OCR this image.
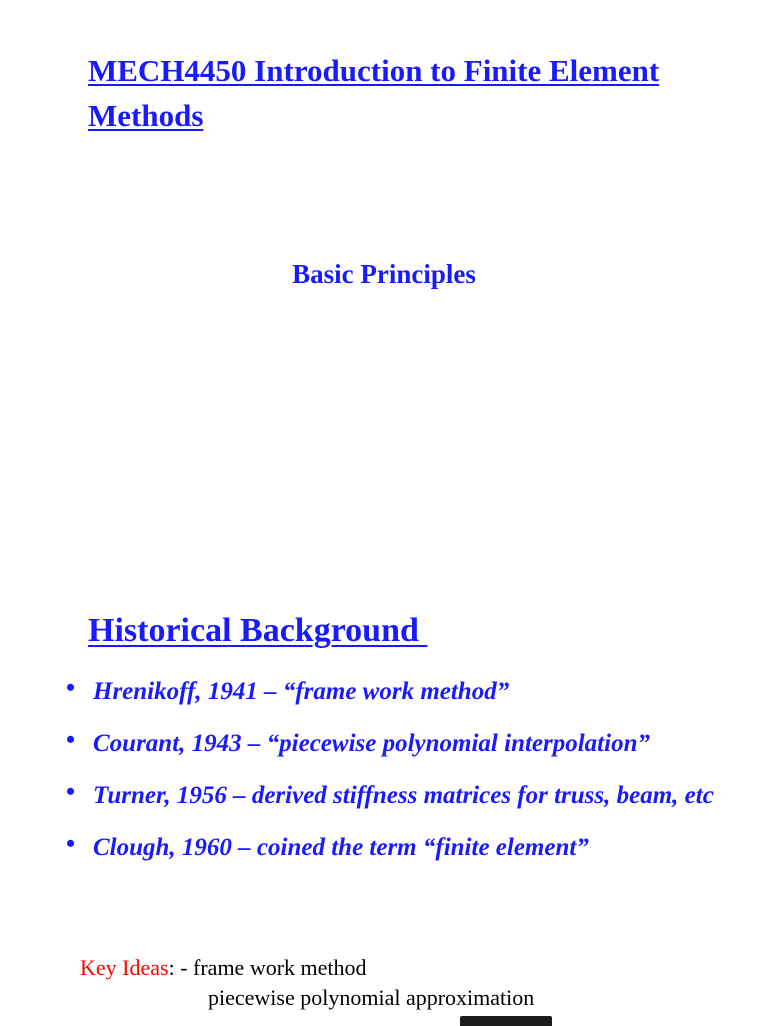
MECH4450 Introduction to Finite Element Methods
Basic Principles
Historical Background
• Hrenikoff, 1941 – “frame work method”
• Courant, 1943 – “piecewise polynomial interpolation”
• Turner, 1956 – derived stiffness matrices for truss, beam, etc
• Clough, 1960 – coined the term “finite element”
Key Ideas: - frame work method
piecewise polynomial approximation
